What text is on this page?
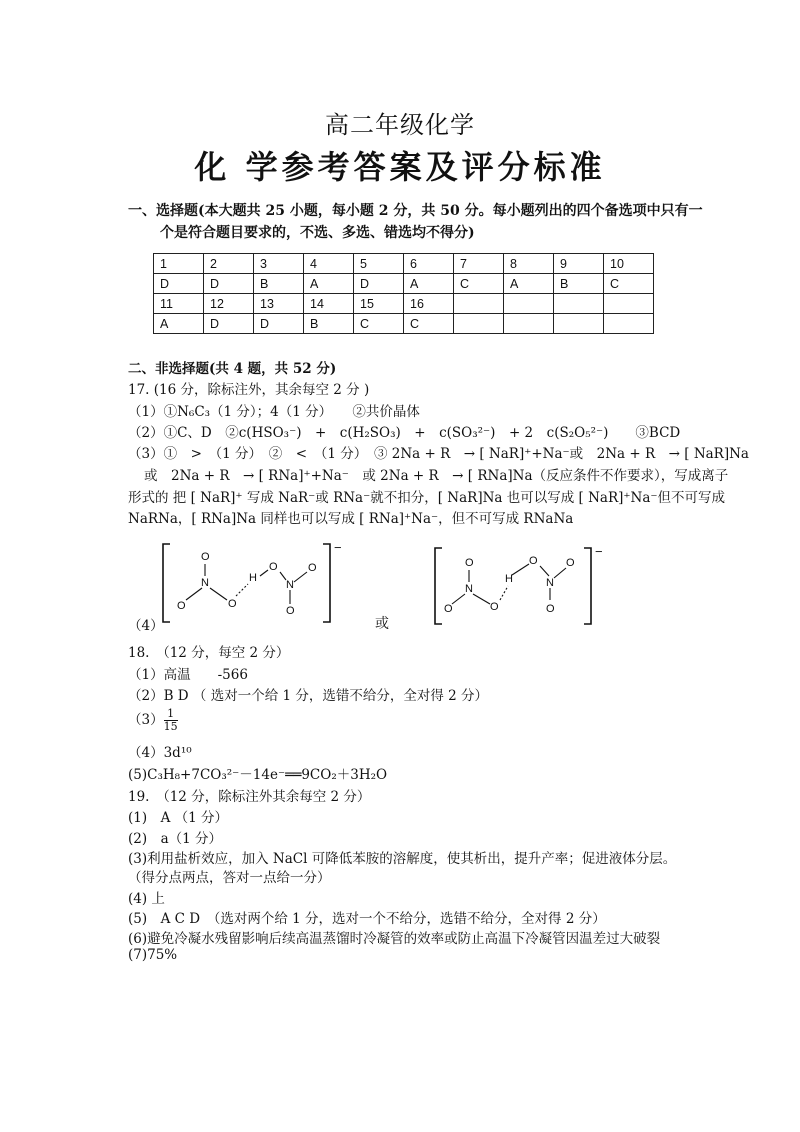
高二年级化学
化 学参考答案及评分标准
一、选择题(本大题共 25 小题，每小题 2 分，共 50 分。每小题列出的四个备选项中只有一
个是符合题目要求的，不选、多选、错选均不得分)
1	2	3	4	5	6	7	8	9	10
D	D	B	A	D	A	C	A	B	C
11	12	13	14	15	16				
A	D	D	B	C	C				
二、非选择题(共 4 题，共 52 分)
17. (16 分，除标注外，其余每空 2 分 )
（1）①N₆C₃（1 分）；4（1 分）　　②共价晶体
（2）①C、D　②c(HSO₃⁻)　+　c(H₂SO₃)　+　c(SO₃²⁻)　+ 2　c(S₂O₅²⁻)　　③BCD
（3）①　>　（1 分）　②　<　（1 分）　③ 2Na + R　→ [ NaR]⁺+Na⁻或　2Na + R　→ [ NaR]Na
或　2Na + R　→ [ RNa]⁺+Na⁻　或 2Na + R　→ [ RNa]Na（反应条件不作要求），写成离子
形式的 把 [ NaR]⁺ 写成 NaR⁻或 RNa⁻就不扣分，[ NaR]Na 也可以写成 [ NaR]⁺Na⁻但不可写成
NaRNa，[ RNa]Na 同样也可以写成 [ RNa]⁺Na⁻，但不可写成 RNaNa
（4）	或
O
N
O	O
H
O
N
O
O
−
O
N
O	O
H
O
N
O
O
−
18.　（12 分，每空 2 分）
（1）高温　　-566
（2）B D （ 选对一个给 1 分，选错不给分，全对得 2 分）
$(3) \frac{1}{15}$
（4）3d¹⁰
(5)C₃H₈+7CO₃²⁻－14e⁻══9CO₂＋3H₂O
19.　（12 分，除标注外其余每空 2 分）
(1)　A （1 分）
(2)　a（1 分）
(3)利用盐析效应，加入 NaCl 可降低苯胺的溶解度，使其析出，提升产率；促进液体分层。
（得分点两点，答对一点给一分）
(4) 上
(5)　A C D　（选对两个给 1 分，选对一个不给分，选错不给分，全对得 2 分）
(6)避免冷凝水残留影响后续高温蒸馏时冷凝管的效率或防止高温下冷凝管因温差过大破裂
(7)75%
